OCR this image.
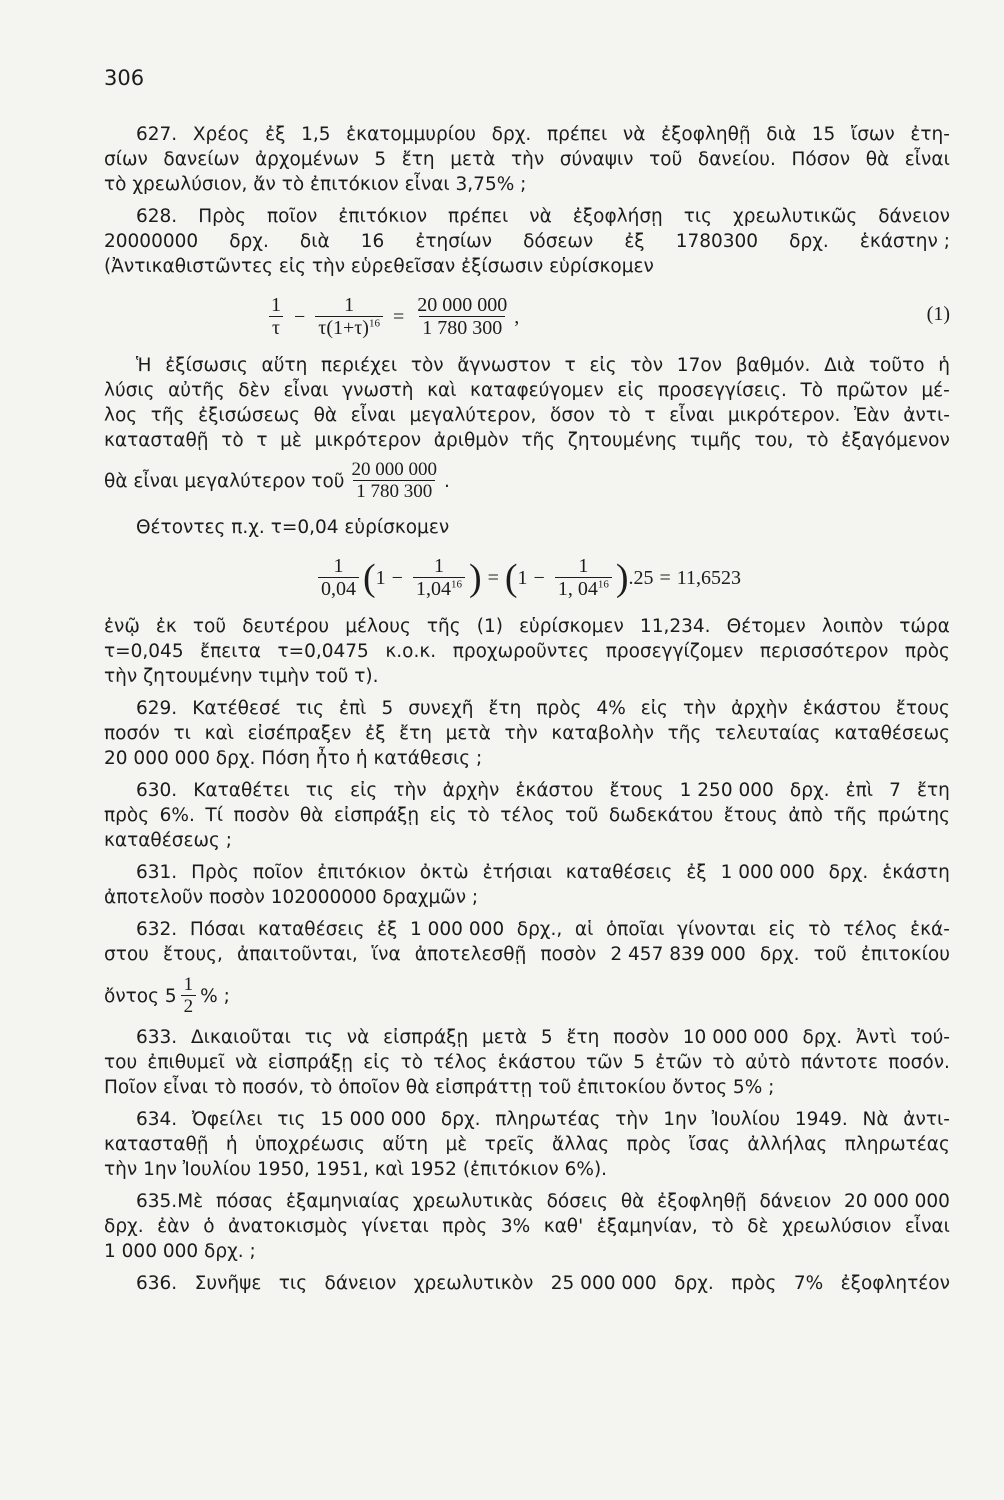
306
627. Χρέος ἐξ 1,5 ἑκατομμυρίου δρχ. πρέπει νὰ ἐξοφληθῇ διὰ 15 ἴσων ἐτη-
σίων δανείων ἀρχομένων 5 ἔτη μετὰ τὴν σύναψιν τοῦ δανείου. Πόσον θὰ εἶναι
τὸ χρεωλύσιον, ἄν τὸ ἐπιτόκιον εἶναι 3,75% ;
628. Πρὸς ποῖον ἐπιτόκιον πρέπει νὰ ἐξοφλήσῃ τις χρεωλυτικῶς δάνειον
20000000 δρχ. διὰ 16 ἐτησίων δόσεων ἐξ 1780300 δρχ. ἑκάστην ;
(Ἀντικαθιστῶντες εἰς τὴν εὑρεθεῖσαν ἐξίσωσιν εὑρίσκομεν
$\frac{1}{\tau} - \frac{1}{\tau(1+\tau)^{16}} = \frac{20 000 000}{1 780 300}$ ,	(1)
Ἡ ἐξίσωσις αὕτη περιέχει τὸν ἄγνωστον τ εἰς τὸν 17ον βαθμόν. Διὰ τοῦτο ἡ
λύσις αὐτῆς δὲν εἶναι γνωστὴ καὶ καταφεύγομεν εἰς προσεγγίσεις. Τὸ πρῶτον μέ-
λος τῆς ἐξισώσεως θὰ εἶναι μεγαλύτερον, ὅσον τὸ τ εἶναι μικρότερον. Ἐὰν ἀντι-
κατασταθῇ τὸ τ μὲ μικρότερον ἀριθμὸν τῆς ζητουμένης τιμῆς του, τὸ ἐξαγόμενον
θὰ εἶναι μεγαλύτερον τοῦ $\frac{20 000 000}{1 780 300}$ .
Θέτοντες π.χ. τ=0,04 εὑρίσκομεν
$\frac{1}{0,04}$ ( $1 - \frac{1}{1,04^{16}}$ ) = ( $1 - \frac{1}{1, 04^{16}}$ ) .25 = 11,6523
ἐνῷ ἐκ τοῦ δευτέρου μέλους τῆς (1) εὑρίσκομεν 11,234. Θέτομεν λοιπὸν τώρα
τ=0,045 ἔπειτα τ=0,0475 κ.ο.κ. προχωροῦντες προσεγγίζομεν περισσότερον πρὸς
τὴν ζητουμένην τιμὴν τοῦ τ).
629. Κατέθεσέ τις ἐπὶ 5 συνεχῆ ἔτη πρὸς 4% εἰς τὴν ἀρχὴν ἑκάστου ἔτους
ποσόν τι καὶ εἰσέπραξεν ἐξ ἔτη μετὰ τὴν καταβολὴν τῆς τελευταίας καταθέσεως
20 000 000 δρχ. Πόση ἦτο ἡ κατάθεσις ;
630. Καταθέτει τις εἰς τὴν ἀρχὴν ἑκάστου ἔτους 1 250 000 δρχ. ἐπὶ 7 ἔτη
πρὸς 6%. Τί ποσὸν θὰ εἰσπράξῃ εἰς τὸ τέλος τοῦ δωδεκάτου ἔτους ἀπὸ τῆς πρώτης
καταθέσεως ;
631. Πρὸς ποῖον ἐπιτόκιον ὀκτὼ ἐτήσιαι καταθέσεις ἐξ 1 000 000 δρχ. ἑκάστη
ἀποτελοῦν ποσὸν 102000000 δραχμῶν ;
632. Πόσαι καταθέσεις ἐξ 1 000 000 δρχ., αἱ ὁποῖαι γίνονται εἰς τὸ τέλος ἑκά-
στου ἔτους, ἀπαιτοῦνται, ἵνα ἀποτελεσθῇ ποσὸν 2 457 839 000 δρχ. τοῦ ἐπιτοκίου
ὄντος $5 \frac{1}{2}$ % ;
633. Δικαιοῦται τις νὰ εἰσπράξῃ μετὰ 5 ἔτη ποσὸν 10 000 000 δρχ. Ἀντὶ τού-
του ἐπιθυμεῖ νὰ εἰσπράξῃ εἰς τὸ τέλος ἑκάστου τῶν 5 ἐτῶν τὸ αὐτὸ πάντοτε ποσόν.
Ποῖον εἶναι τὸ ποσόν, τὸ ὁποῖον θὰ εἰσπράττῃ τοῦ ἐπιτοκίου ὄντος 5% ;
634. Ὀφείλει τις 15 000 000 δρχ. πληρωτέας τὴν 1ην Ἰουλίου 1949. Νὰ ἀντι-
κατασταθῇ ἡ ὑποχρέωσις αὕτη μὲ τρεῖς ἄλλας πρὸς ἴσας ἀλλήλας πληρωτέας
τὴν 1ην Ἰουλίου 1950, 1951, καὶ 1952 (ἐπιτόκιον 6%).
635.Μὲ πόσας ἑξαμηνιαίας χρεωλυτικὰς δόσεις θὰ ἐξοφληθῇ δάνειον 20 000 000
δρχ. ἐὰν ὁ ἀνατοκισμὸς γίνεται πρὸς 3% καθ' ἑξαμηνίαν, τὸ δὲ χρεωλύσιον εἶναι
1 000 000 δρχ. ;
636. Συνῆψε τις δάνειον χρεωλυτικὸν 25 000 000 δρχ. πρὸς 7% ἐξοφλητέον
